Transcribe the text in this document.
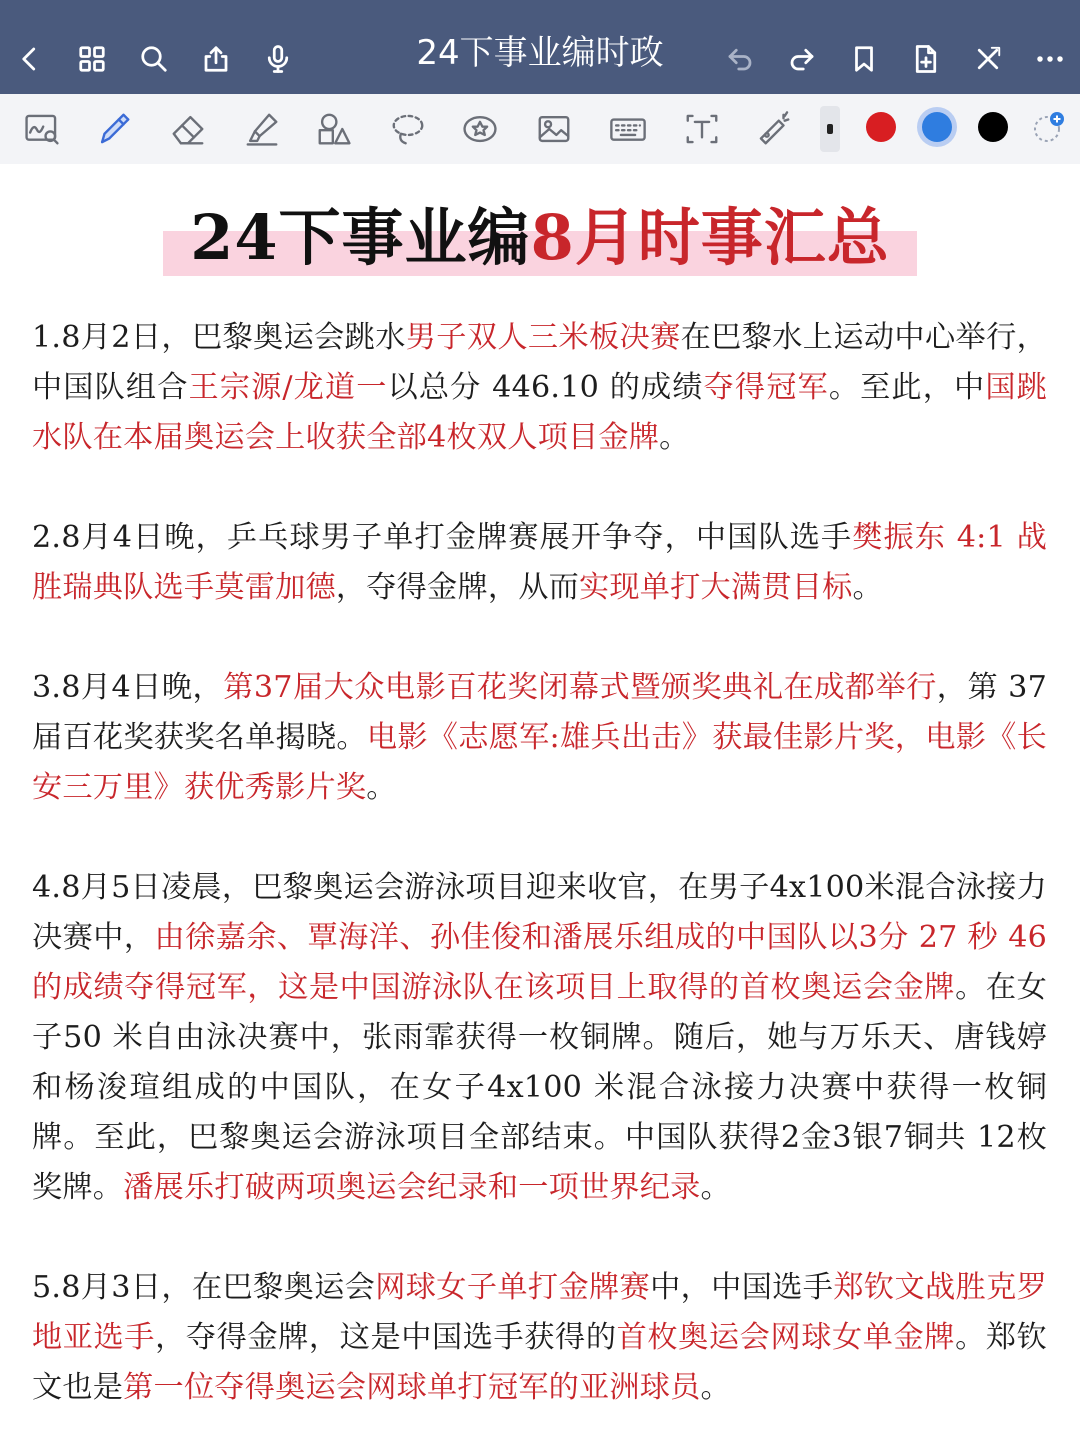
24下事业编时政
24下事业编8月时事汇总
1.8月2日，巴黎奥运会跳水男子双人三米板决赛在巴黎水上运动中心举行，中国队组合王宗源/龙道一以总分 446.10 的成绩夺得冠军。至此，中国跳水队在本届奥运会上收获全部4枚双人项目金牌。
2.8月4日晚，乒乓球男子单打金牌赛展开争夺，中国队选手樊振东 4:1 战胜瑞典队选手莫雷加德，夺得金牌，从而实现单打大满贯目标。
3.8月4日晚，第37届大众电影百花奖闭幕式暨颁奖典礼在成都举行，第 37 届百花奖获奖名单揭晓。电影《志愿军:雄兵出击》获最佳影片奖，电影《长安三万里》获优秀影片奖。
4.8月5日凌晨，巴黎奥运会游泳项目迎来收官，在男子4x100米混合泳接力决赛中，由徐嘉余、覃海洋、孙佳俊和潘展乐组成的中国队以3分 27 秒 46 的成绩夺得冠军，这是中国游泳队在该项目上取得的首枚奥运会金牌。在女子50 米自由泳决赛中，张雨霏获得一枚铜牌。随后，她与万乐天、唐钱婷和杨浚瑄组成的中国队，在女子4x100 米混合泳接力决赛中获得一枚铜牌。至此，巴黎奥运会游泳项目全部结束。中国队获得2金3银7铜共 12枚奖牌。潘展乐打破两项奥运会纪录和一项世界纪录。
5.8月3日，在巴黎奥运会网球女子单打金牌赛中，中国选手郑钦文战胜克罗地亚选手，夺得金牌，这是中国选手获得的首枚奥运会网球女单金牌。郑钦文也是第一位夺得奥运会网球单打冠军的亚洲球员。
